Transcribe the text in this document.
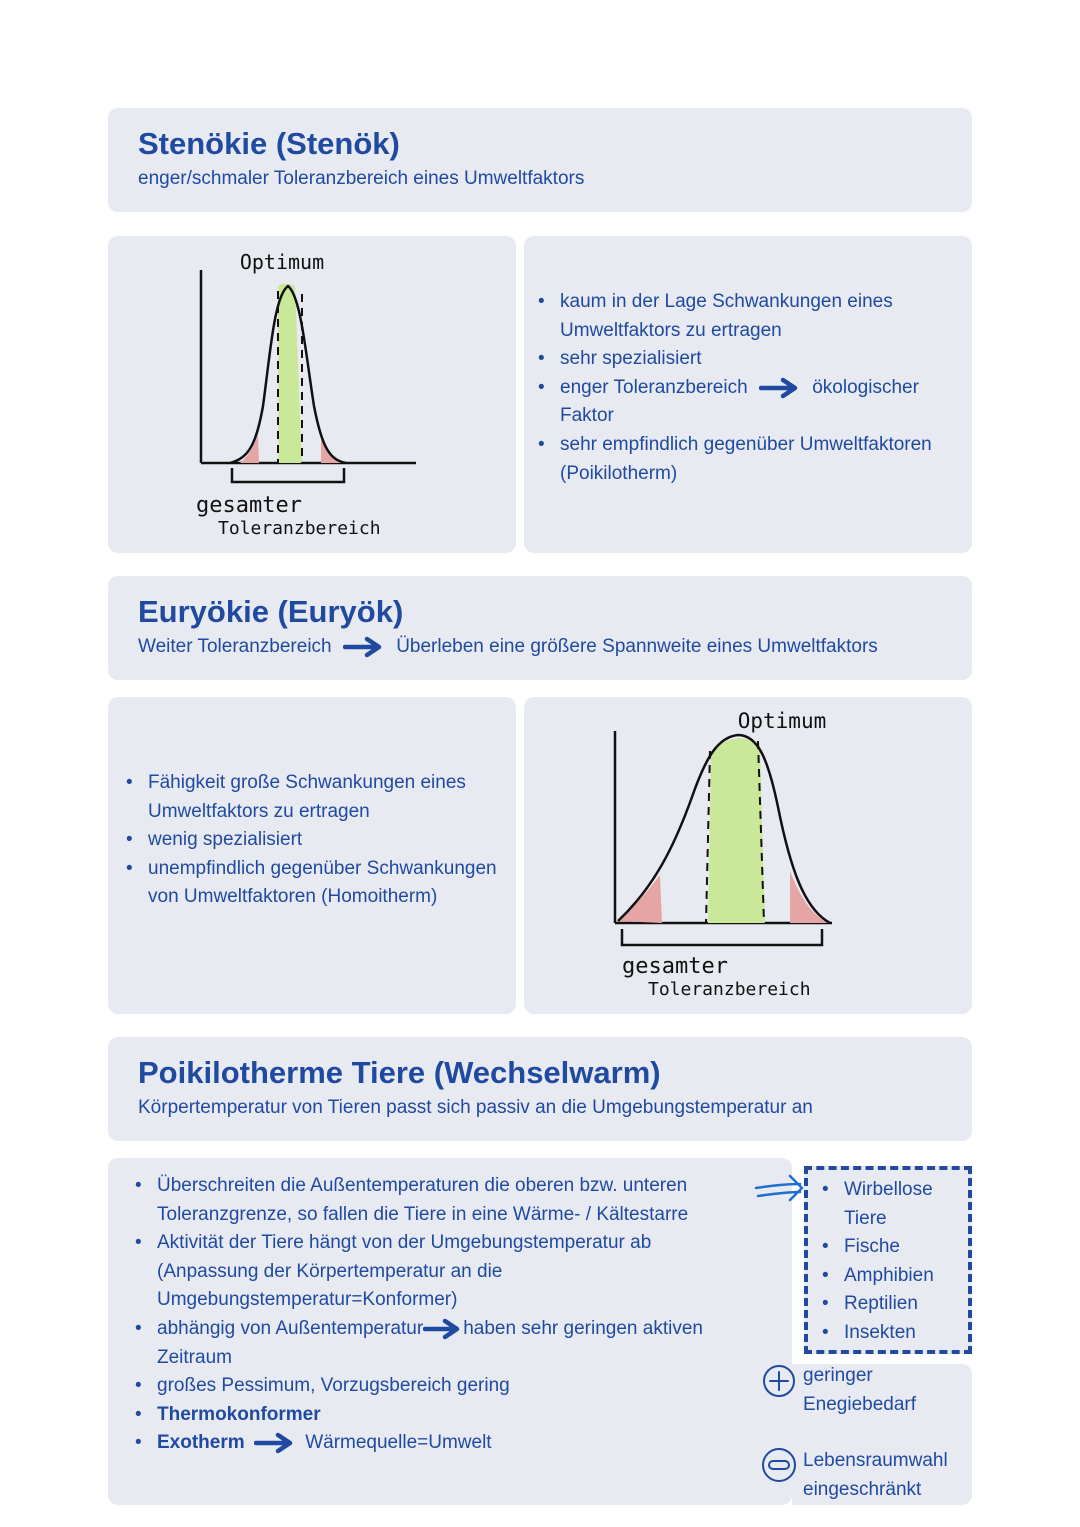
Stenökie (Stenök)
enger/schmaler Toleranzbereich eines Umweltfaktors
Optimum
gesamter
Toleranzbereich
• kaum in der Lage Schwankungen eines Umweltfaktors zu ertragen
• sehr spezialisiert
• enger Toleranzbereich	ökologischer Faktor
• sehr empfindlich gegenüber Umweltfaktoren (Poikilotherm)
Euryökie (Euryök)
Weiter Toleranzbereich	Überleben eine größere Spannweite eines Umweltfaktors
• Fähigkeit große Schwankungen eines Umweltfaktors zu ertragen
• wenig spezialisiert
• unempfindlich gegenüber Schwankungen von Umweltfaktoren (Homoitherm)
Optimum
gesamter
Toleranzbereich
Poikilotherme Tiere (Wechselwarm)
Körpertemperatur von Tieren passt sich passiv an die Umgebungstemperatur an
• Überschreiten die Außentemperaturen die oberen bzw. unteren Toleranzgrenze, so fallen die Tiere in eine Wärme- / Kältestarre
• Aktivität der Tiere hängt von der Umgebungstemperatur ab (Anpassung der Körpertemperatur an die Umgebungstemperatur=Konformer)
• abhängig von Außentemperatur haben sehr geringen aktiven Zeitraum
• großes Pessimum, Vorzugsbereich gering
• Thermokonformer
• Exotherm	Wärmequelle=Umwelt
• Wirbellose Tiere
• Fische
• Amphibien
• Reptilien
• Insekten
geringer Enegiebedarf
Lebensraumwahl eingeschränkt
